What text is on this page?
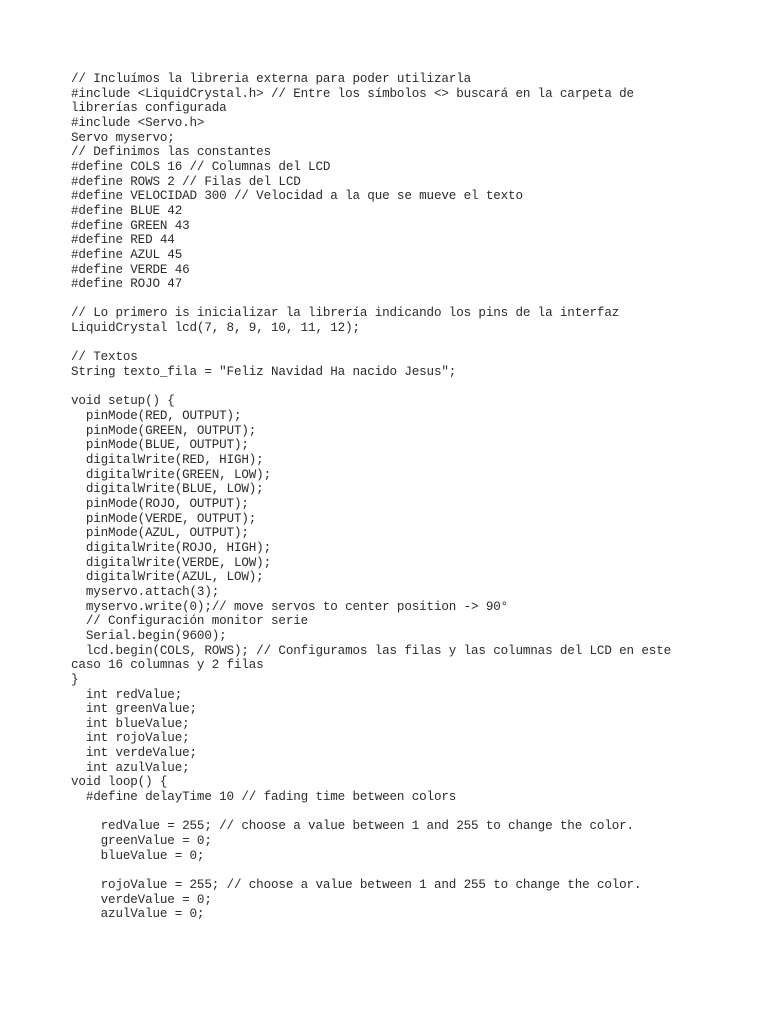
// Incluímos la libreria externa para poder utilizarla
#include <LiquidCrystal.h> // Entre los símbolos <> buscará en la carpeta de
librerías configurada
#include <Servo.h>
Servo myservo;
// Definimos las constantes
#define COLS 16 // Columnas del LCD
#define ROWS 2 // Filas del LCD
#define VELOCIDAD 300 // Velocidad a la que se mueve el texto
#define BLUE 42
#define GREEN 43
#define RED 44
#define AZUL 45
#define VERDE 46
#define ROJO 47
// Lo primero is inicializar la librería indicando los pins de la interfaz
LiquidCrystal lcd(7, 8, 9, 10, 11, 12);
// Textos
String texto_fila = "Feliz Navidad Ha nacido Jesus";
void setup() {
pinMode(RED, OUTPUT);
pinMode(GREEN, OUTPUT);
pinMode(BLUE, OUTPUT);
digitalWrite(RED, HIGH);
digitalWrite(GREEN, LOW);
digitalWrite(BLUE, LOW);
pinMode(ROJO, OUTPUT);
pinMode(VERDE, OUTPUT);
pinMode(AZUL, OUTPUT);
digitalWrite(ROJO, HIGH);
digitalWrite(VERDE, LOW);
digitalWrite(AZUL, LOW);
myservo.attach(3);
myservo.write(0);// move servos to center position -> 90°
// Configuración monitor serie
Serial.begin(9600);
lcd.begin(COLS, ROWS); // Configuramos las filas y las columnas del LCD en este
caso 16 columnas y 2 filas
}
int redValue;
int greenValue;
int blueValue;
int rojoValue;
int verdeValue;
int azulValue;
void loop() {
#define delayTime 10 // fading time between colors
redValue = 255; // choose a value between 1 and 255 to change the color.
greenValue = 0;
blueValue = 0;
rojoValue = 255; // choose a value between 1 and 255 to change the color.
verdeValue = 0;
azulValue = 0;
